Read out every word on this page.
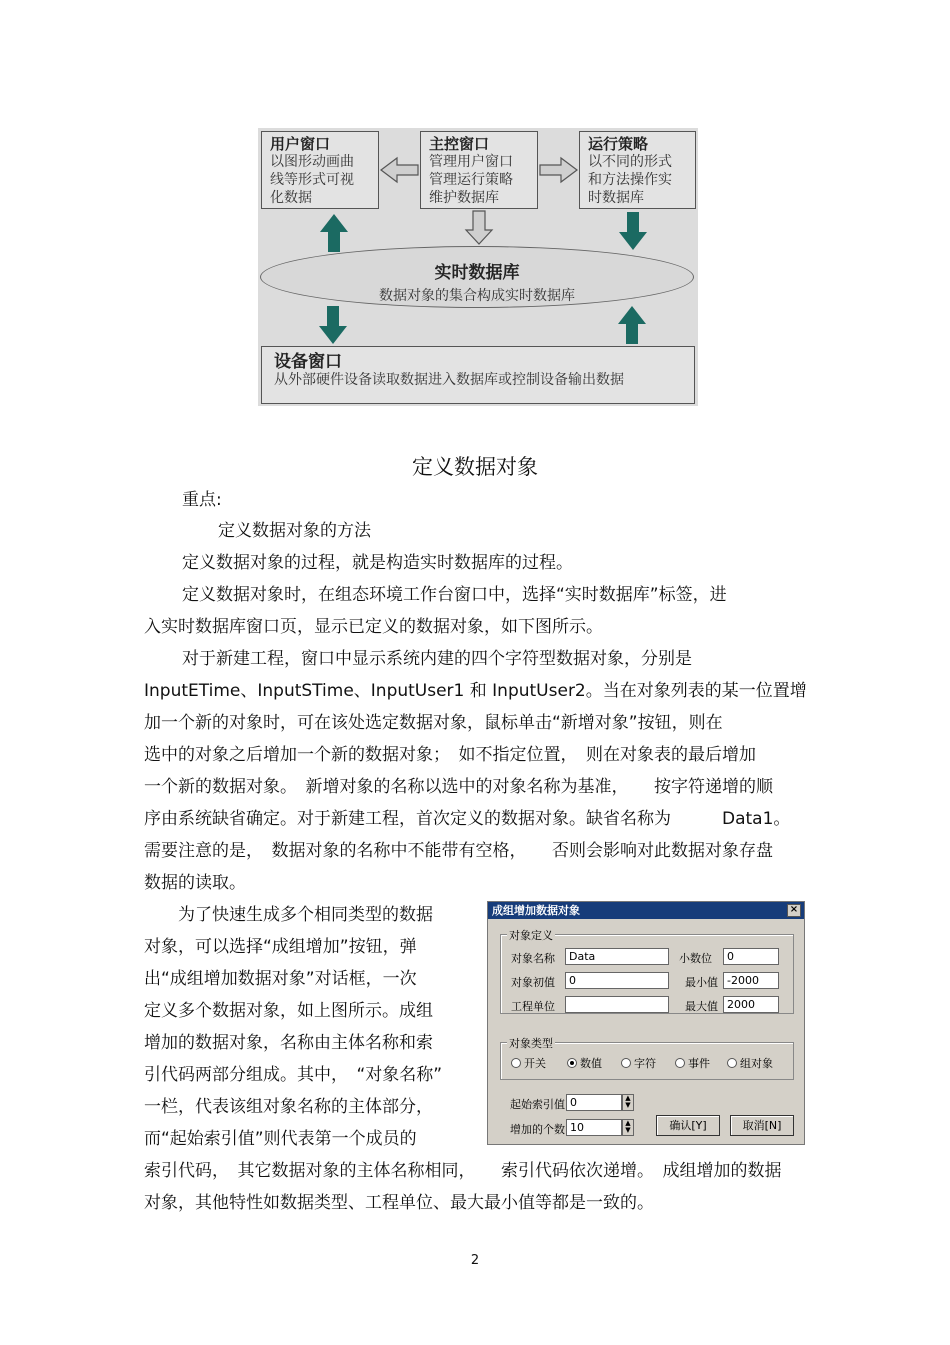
用户窗口
以图形动画曲
线等形式可视
化数据
主控窗口
管理用户窗口
管理运行策略
维护数据库
运行策略
以不同的形式
和方法操作实
时数据库
实时数据库
数据对象的集合构成实时数据库
设备窗口
从外部硬件设备读取数据进入数据库或控制设备输出数据
定义数据对象
重点:
定义数据对象的方法
定义数据对象的过程，就是构造实时数据库的过程。
定义数据对象时，在组态环境工作台窗口中，选择“实时数据库”标签，进
入实时数据库窗口页，显示已定义的数据对象，如下图所示。
对于新建工程，窗口中显示系统内建的四个字符型数据对象，分别是
InputETime、InputSTime、InputUser1 和 InputUser2。当在对象列表的某一位置增
加一个新的对象时，可在该处选定数据对象，鼠标单击“新增对象”按钮，则在
选中的对象之后增加一个新的数据对象；　如不指定位置，　则在对象表的最后增加
一个新的数据对象。　新增对象的名称以选中的对象名称为基准，　　按字符递增的顺
序由系统缺省确定。对于新建工程，首次定义的数据对象。缺省名称为　　　Data1。
需要注意的是，　数据对象的名称中不能带有空格，　　否则会影响对此数据对象存盘
数据的读取。
为了快速生成多个相同类型的数据
对象，可以选择“成组增加”按钮，弹
出“成组增加数据对象”对话框，一次
定义多个数据对象，如上图所示。成组
增加的数据对象，名称由主体名称和索
引代码两部分组成。其中，　“对象名称”
一栏，代表该组对象名称的主体部分，
而“起始索引值”则代表第一个成员的
索引代码，　其它数据对象的主体名称相同，　　索引代码依次递增。　成组增加的数据
对象，其他特性如数据类型、工程单位、最大最小值等都是一致的。
成组增加数据对象	×
对象定义
对象名称	Data
对象初值	0
工程单位
小数位	0
最小值 -2000
最大值 2000
对象类型
开关	数值	字符	事件	组对象
起始索引值 0	▲
▼
增加的个数 10	▲
▼	确认[Y]	取消[N]
2
